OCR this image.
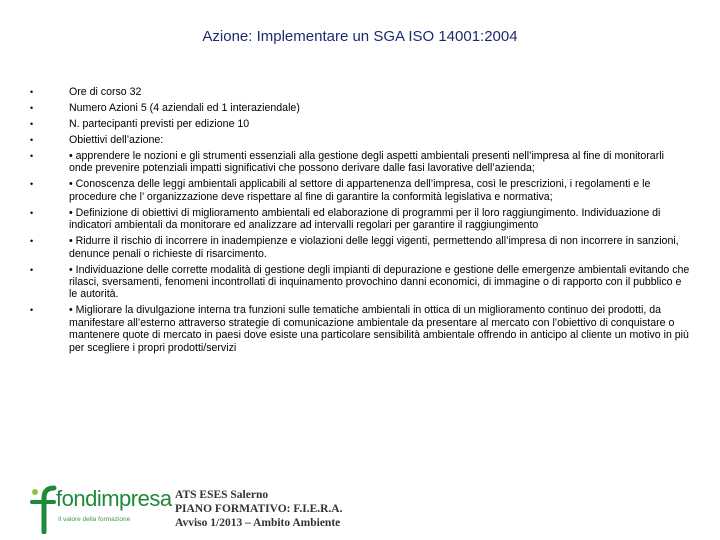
Azione: Implementare un SGA ISO 14001:2004
•	Ore di corso 32
•	Numero Azioni 5 (4 aziendali ed 1 interaziendale)
•	N. partecipanti previsti per edizione 10
•	Obiettivi dell’azione:
•	• apprendere le nozioni e gli strumenti essenziali alla gestione degli aspetti ambientali presenti nell’impresa al fine di monitorarli onde prevenire potenziali impatti significativi che possono derivare dalle fasi lavorative dell’azienda;
•	• Conoscenza delle leggi ambientali applicabili al settore di appartenenza dell’impresa, così le prescrizioni, i regolamenti e le procedure che l’ organizzazione deve rispettare al fine di garantire la conformità legislativa e normativa;
•	• Definizione di obiettivi di miglioramento ambientali ed elaborazione di programmi per il loro raggiungimento. Individuazione di indicatori ambientali da monitorare ed analizzare ad intervalli regolari per garantire il raggiungimento
•	• Ridurre il rischio di incorrere in inadempienze e violazioni delle leggi vigenti, permettendo all’impresa di non incorrere in sanzioni, denunce penali o richieste di risarcimento.
•	• Individuazione delle corrette modalità di gestione degli impianti di depurazione e gestione delle emergenze ambientali evitando che rilasci, sversamenti, fenomeni incontrollati di inquinamento provochino danni economici, di immagine o di rapporto con il pubblico e le autorità.
•	• Migliorare la divulgazione interna tra funzioni sulle tematiche ambientali in ottica di un miglioramento continuo dei prodotti, da manifestare all’esterno attraverso strategie di comunicazione ambientale da presentare al mercato con l’obiettivo di conquistare o mantenere quote di mercato in paesi dove esiste una particolare sensibilità ambientale offrendo in anticipo al cliente un motivo in più per scegliere i propri prodotti/servizi
fondimpresa
Il valore della formazione
ATS ESES Salerno
PIANO FORMATIVO: F.I.E.R.A.
Avviso 1/2013 – Ambito Ambiente
